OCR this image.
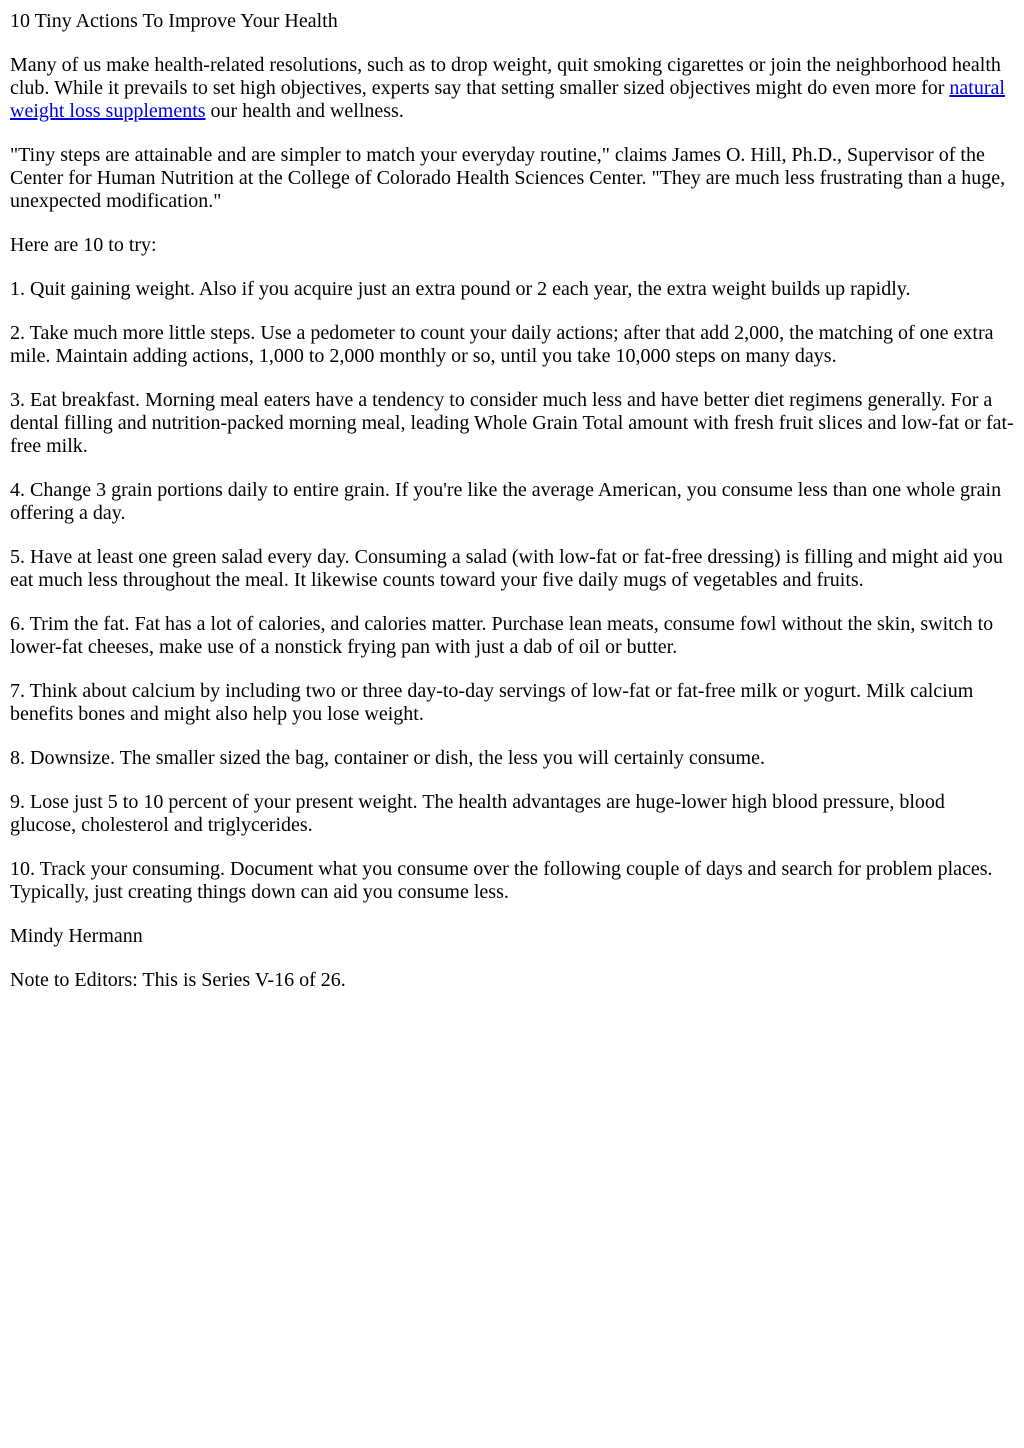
10 Tiny Actions To Improve Your Health

Many of us make health-related resolutions, such as to drop weight, quit smoking cigarettes or join the neighborhood health club. While it prevails to set high objectives, experts say that setting smaller sized objectives might do even more for natural weight loss supplements our health and wellness.

"Tiny steps are attainable and are simpler to match your everyday routine," claims James O. Hill, Ph.D., Supervisor of the Center for Human Nutrition at the College of Colorado Health Sciences Center. "They are much less frustrating than a huge, unexpected modification."

Here are 10 to try:

1. Quit gaining weight. Also if you acquire just an extra pound or 2 each year, the extra weight builds up rapidly.

2. Take much more little steps. Use a pedometer to count your daily actions; after that add 2,000, the matching of one extra mile. Maintain adding actions, 1,000 to 2,000 monthly or so, until you take 10,000 steps on many days.

3. Eat breakfast. Morning meal eaters have a tendency to consider much less and have better diet regimens generally. For a dental filling and nutrition-packed morning meal, leading Whole Grain Total amount with fresh fruit slices and low-fat or fat-free milk.

4. Change 3 grain portions daily to entire grain. If you're like the average American, you consume less than one whole grain offering a day.

5. Have at least one green salad every day. Consuming a salad (with low-fat or fat-free dressing) is filling and might aid you eat much less throughout the meal. It likewise counts toward your five daily mugs of vegetables and fruits.

6. Trim the fat. Fat has a lot of calories, and calories matter. Purchase lean meats, consume fowl without the skin, switch to lower-fat cheeses, make use of a nonstick frying pan with just a dab of oil or butter.

7. Think about calcium by including two or three day-to-day servings of low-fat or fat-free milk or yogurt. Milk calcium benefits bones and might also help you lose weight.

8. Downsize. The smaller sized the bag, container or dish, the less you will certainly consume.

9. Lose just 5 to 10 percent of your present weight. The health advantages are huge-lower high blood pressure, blood glucose, cholesterol and triglycerides.

10. Track your consuming. Document what you consume over the following couple of days and search for problem places. Typically, just creating things down can aid you consume less.

Mindy Hermann

Note to Editors: This is Series V-16 of 26.
